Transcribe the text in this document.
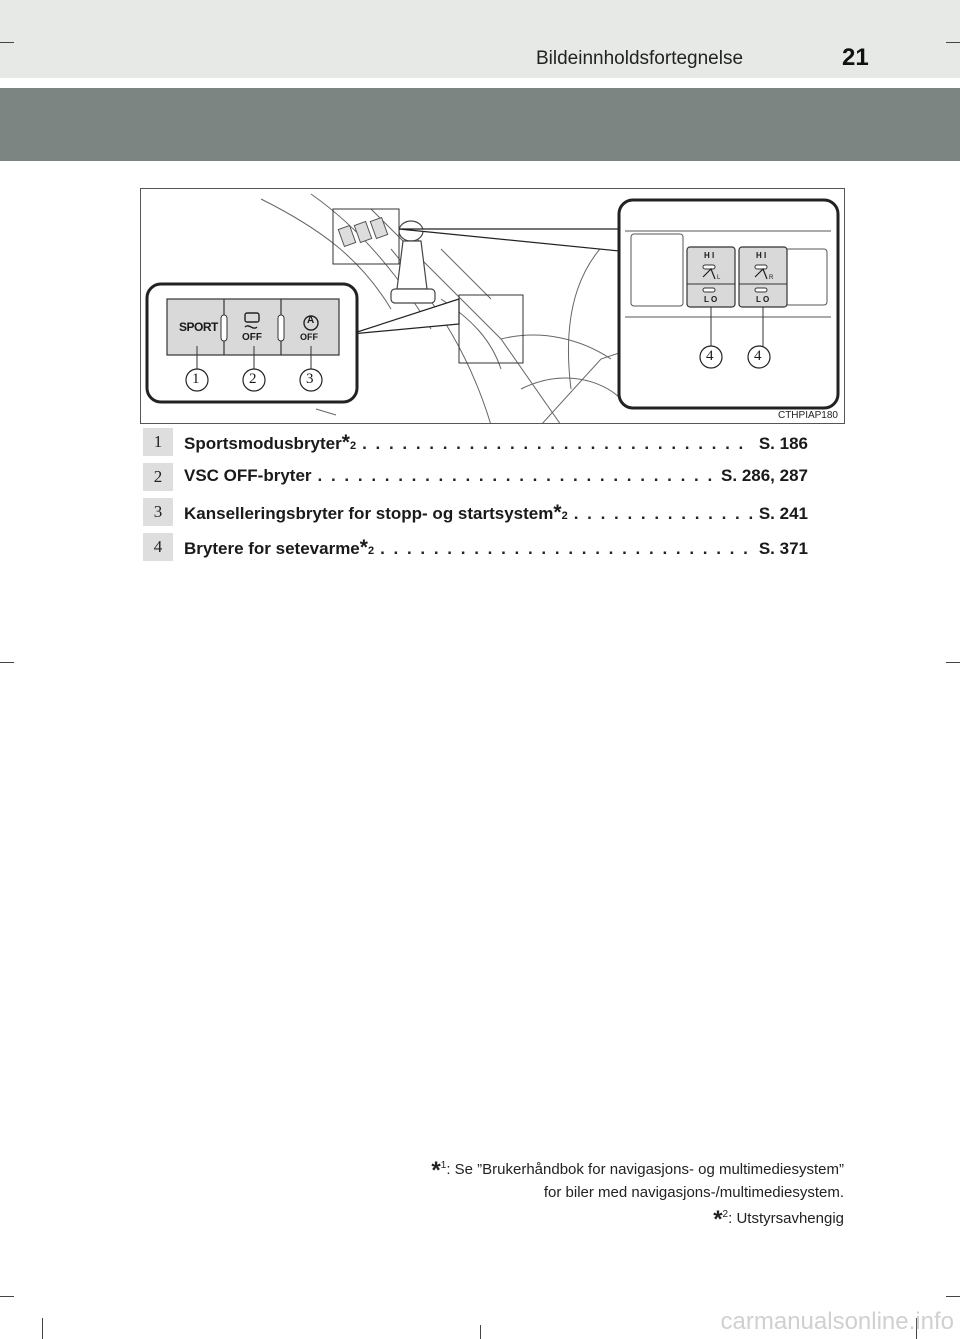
Bildeinnholdsfortegnelse	21
SPORT
OFF
A
OFF
H I
L O
H I
L O
L	R
1	2	3
4	4
CTHPIAP180
1	Sportsmodusbryter * 2 . . .	S. 186
2	VSC OFF-bryter . . .	S. 286, 287
3	Kanselleringsbryter for stopp- og startsystem * 2 . . .	S. 241
4	Brytere for setevarme * 2 . . .	S. 371
*$^1$: Se ”Brukerhåndbok for navigasjons- og multimediesystem”
for biler med navigasjons-/multimediesystem.
*$^2$: Utstyrsavhengig
carmanualsonline.info
